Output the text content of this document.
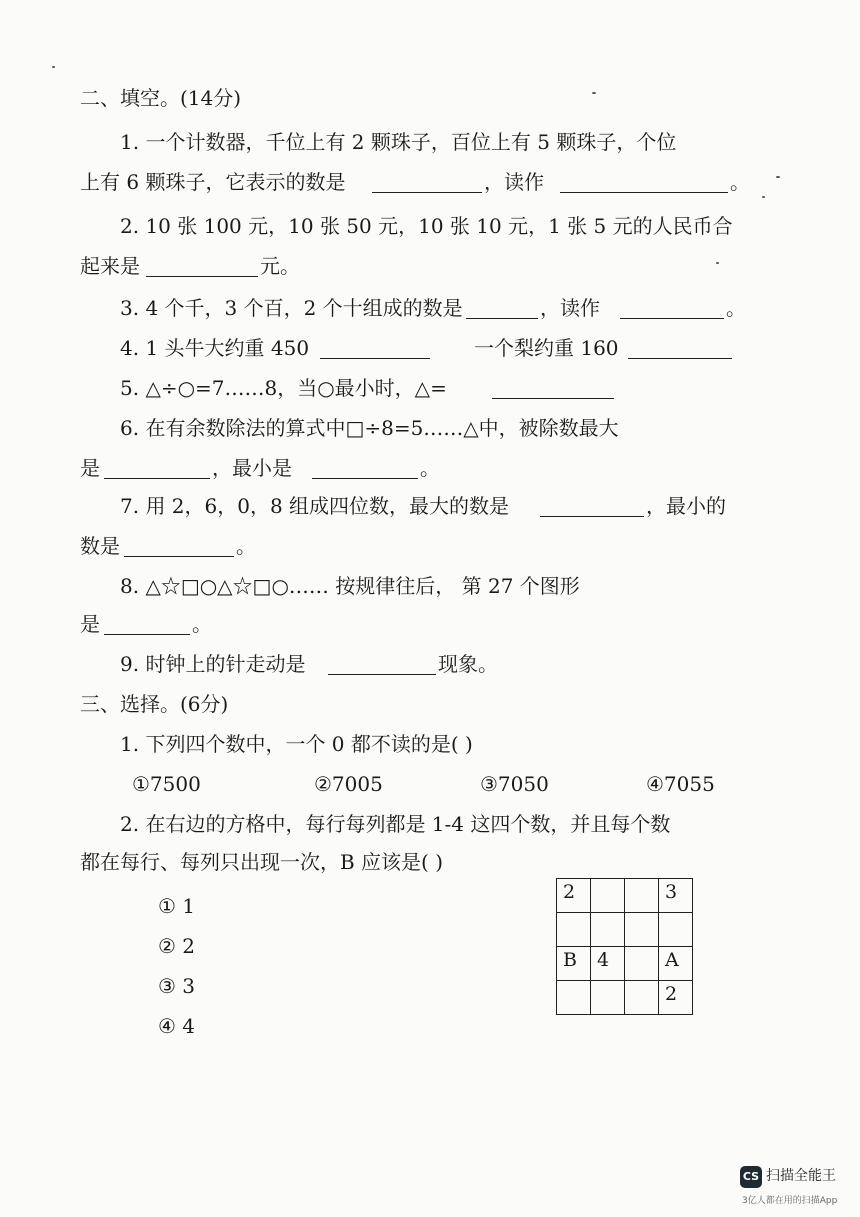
二、填空。(14分)
1. 一个计数器，千位上有 2 颗珠子，百位上有 5 颗珠子，个位
上有 6 颗珠子，它表示的数是	，读作	。
2. 10 张 100 元，10 张 50 元，10 张 10 元，1 张 5 元的人民币合
起来是	元。
3. 4 个千，3 个百，2 个十组成的数是	，读作	。
4. 1 头牛大约重 450	一个梨约重 160
5. △÷○=7……8，当○最小时，△=
6. 在有余数除法的算式中□÷8=5……△中，被除数最大
是	，最小是	。
7. 用 2，6，0，8 组成四位数，最大的数是	，最小的
数是	。
8. △☆□○△☆□○…… 按规律往后， 第 27 个图形
是	。
9. 时钟上的针走动是	现象。
三、选择。(6分)
1. 下列四个数中，一个 0 都不读的是( )
①7500	②7005	③7050	④7055
2. 在右边的方格中，每行每列都是 1-4 这四个数，并且每个数
都在每行、每列只出现一次，B 应该是( )
① 1
② 2
③ 3
④ 4
2			3

B	4		A
			2
CS 扫描全能王
3亿人都在用的扫描App
